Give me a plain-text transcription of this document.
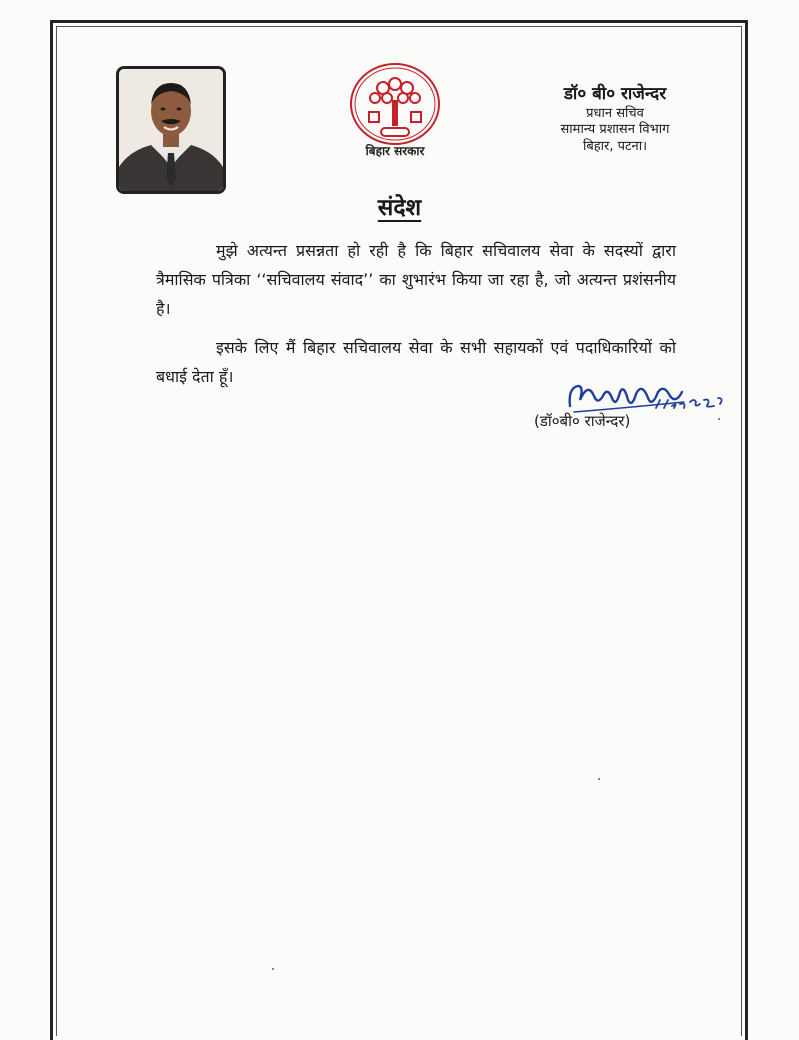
बिहार सरकार
डॉ० बी० राजेन्दर
प्रधान सचिव
सामान्य प्रशासन विभाग
बिहार, पटना।
संदेश

मुझे अत्यन्त प्रसन्नता हो रही है कि बिहार सचिवालय सेवा के सदस्यों द्वारा त्रैमासिक पत्रिका ‘‘सचिवालय संवाद’’ का शुभारंभ किया जा रहा है, जो अत्यन्त प्रशंसनीय है।

इसके लिए मैं बिहार सचिवालय सेवा के सभी सहायकों एवं पदाधिकारियों को बधाई देता हूँ।

(डॉ०बी० राजेन्दर)
